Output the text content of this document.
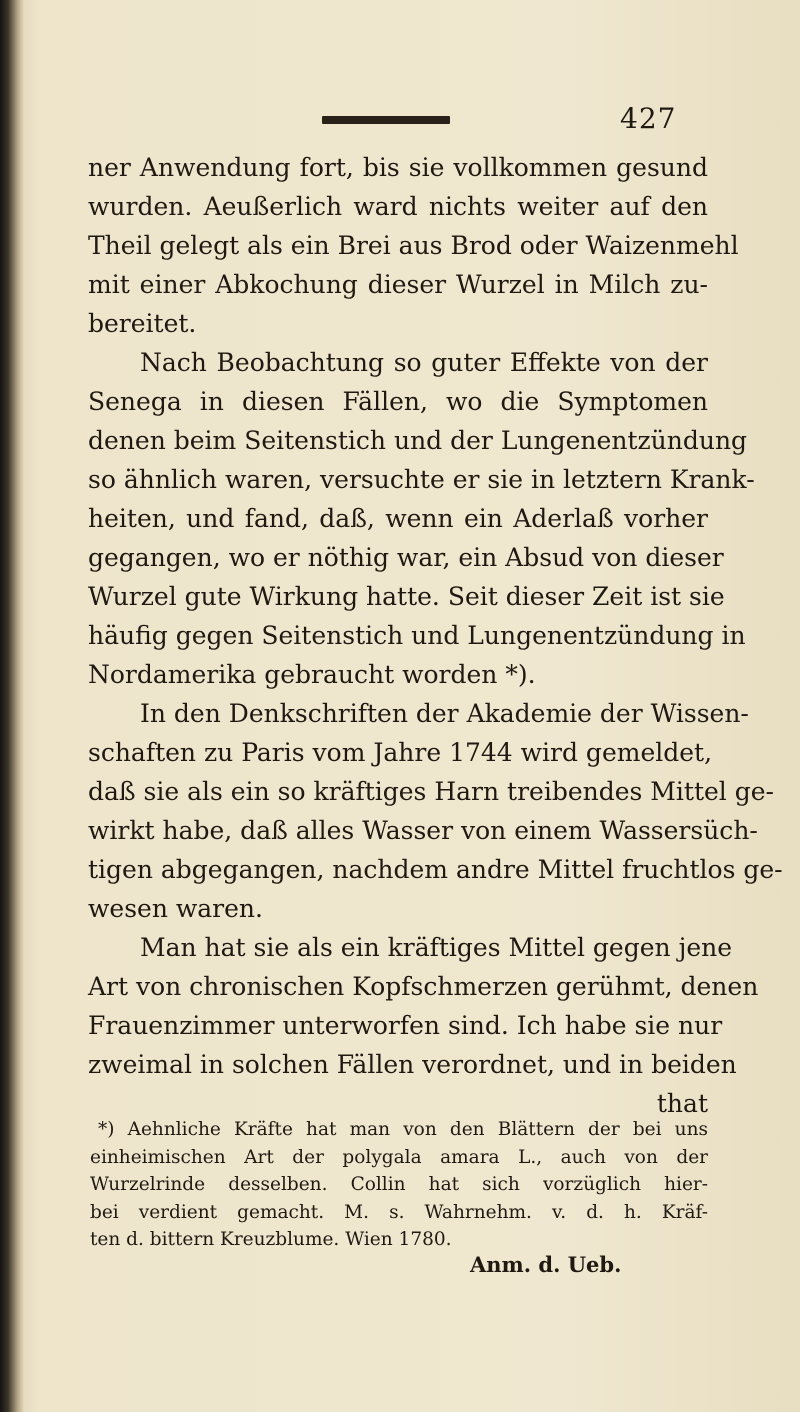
427
ner Anwendung fort, bis sie vollkommen gesund
wurden. Aeußerlich ward nichts weiter auf den
Theil gelegt als ein Brei aus Brod oder Waizenmehl
mit einer Abkochung dieser Wurzel in Milch zu-
bereitet.
Nach Beobachtung so guter Effekte von der
Senega in diesen Fällen, wo die Symptomen
denen beim Seitenstich und der Lungenentzündung
so ähnlich waren, versuchte er sie in letztern Krank-
heiten, und fand, daß, wenn ein Aderlaß vorher
gegangen, wo er nöthig war, ein Absud von dieser
Wurzel gute Wirkung hatte. Seit dieser Zeit ist sie
häufig gegen Seitenstich und Lungenentzündung in
Nordamerika gebraucht worden *).
In den Denkschriften der Akademie der Wissen-
schaften zu Paris vom Jahre 1744 wird gemeldet,
daß sie als ein so kräftiges Harn treibendes Mittel ge-
wirkt habe, daß alles Wasser von einem Wassersüch-
tigen abgegangen, nachdem andre Mittel fruchtlos ge-
wesen waren.
Man hat sie als ein kräftiges Mittel gegen jene
Art von chronischen Kopfschmerzen gerühmt, denen
Frauenzimmer unterworfen sind. Ich habe sie nur
zweimal in solchen Fällen verordnet, und in beiden
that
*) Aehnliche Kräfte hat man von den Blättern der bei uns
einheimischen Art der polygala amara L., auch von der
Wurzelrinde desselben. Collin hat sich vorzüglich hier-
bei verdient gemacht. M. s. Wahrnehm. v. d. h. Kräf-
ten d. bittern Kreuzblume. Wien 1780.
Anm. d. Ueb.
